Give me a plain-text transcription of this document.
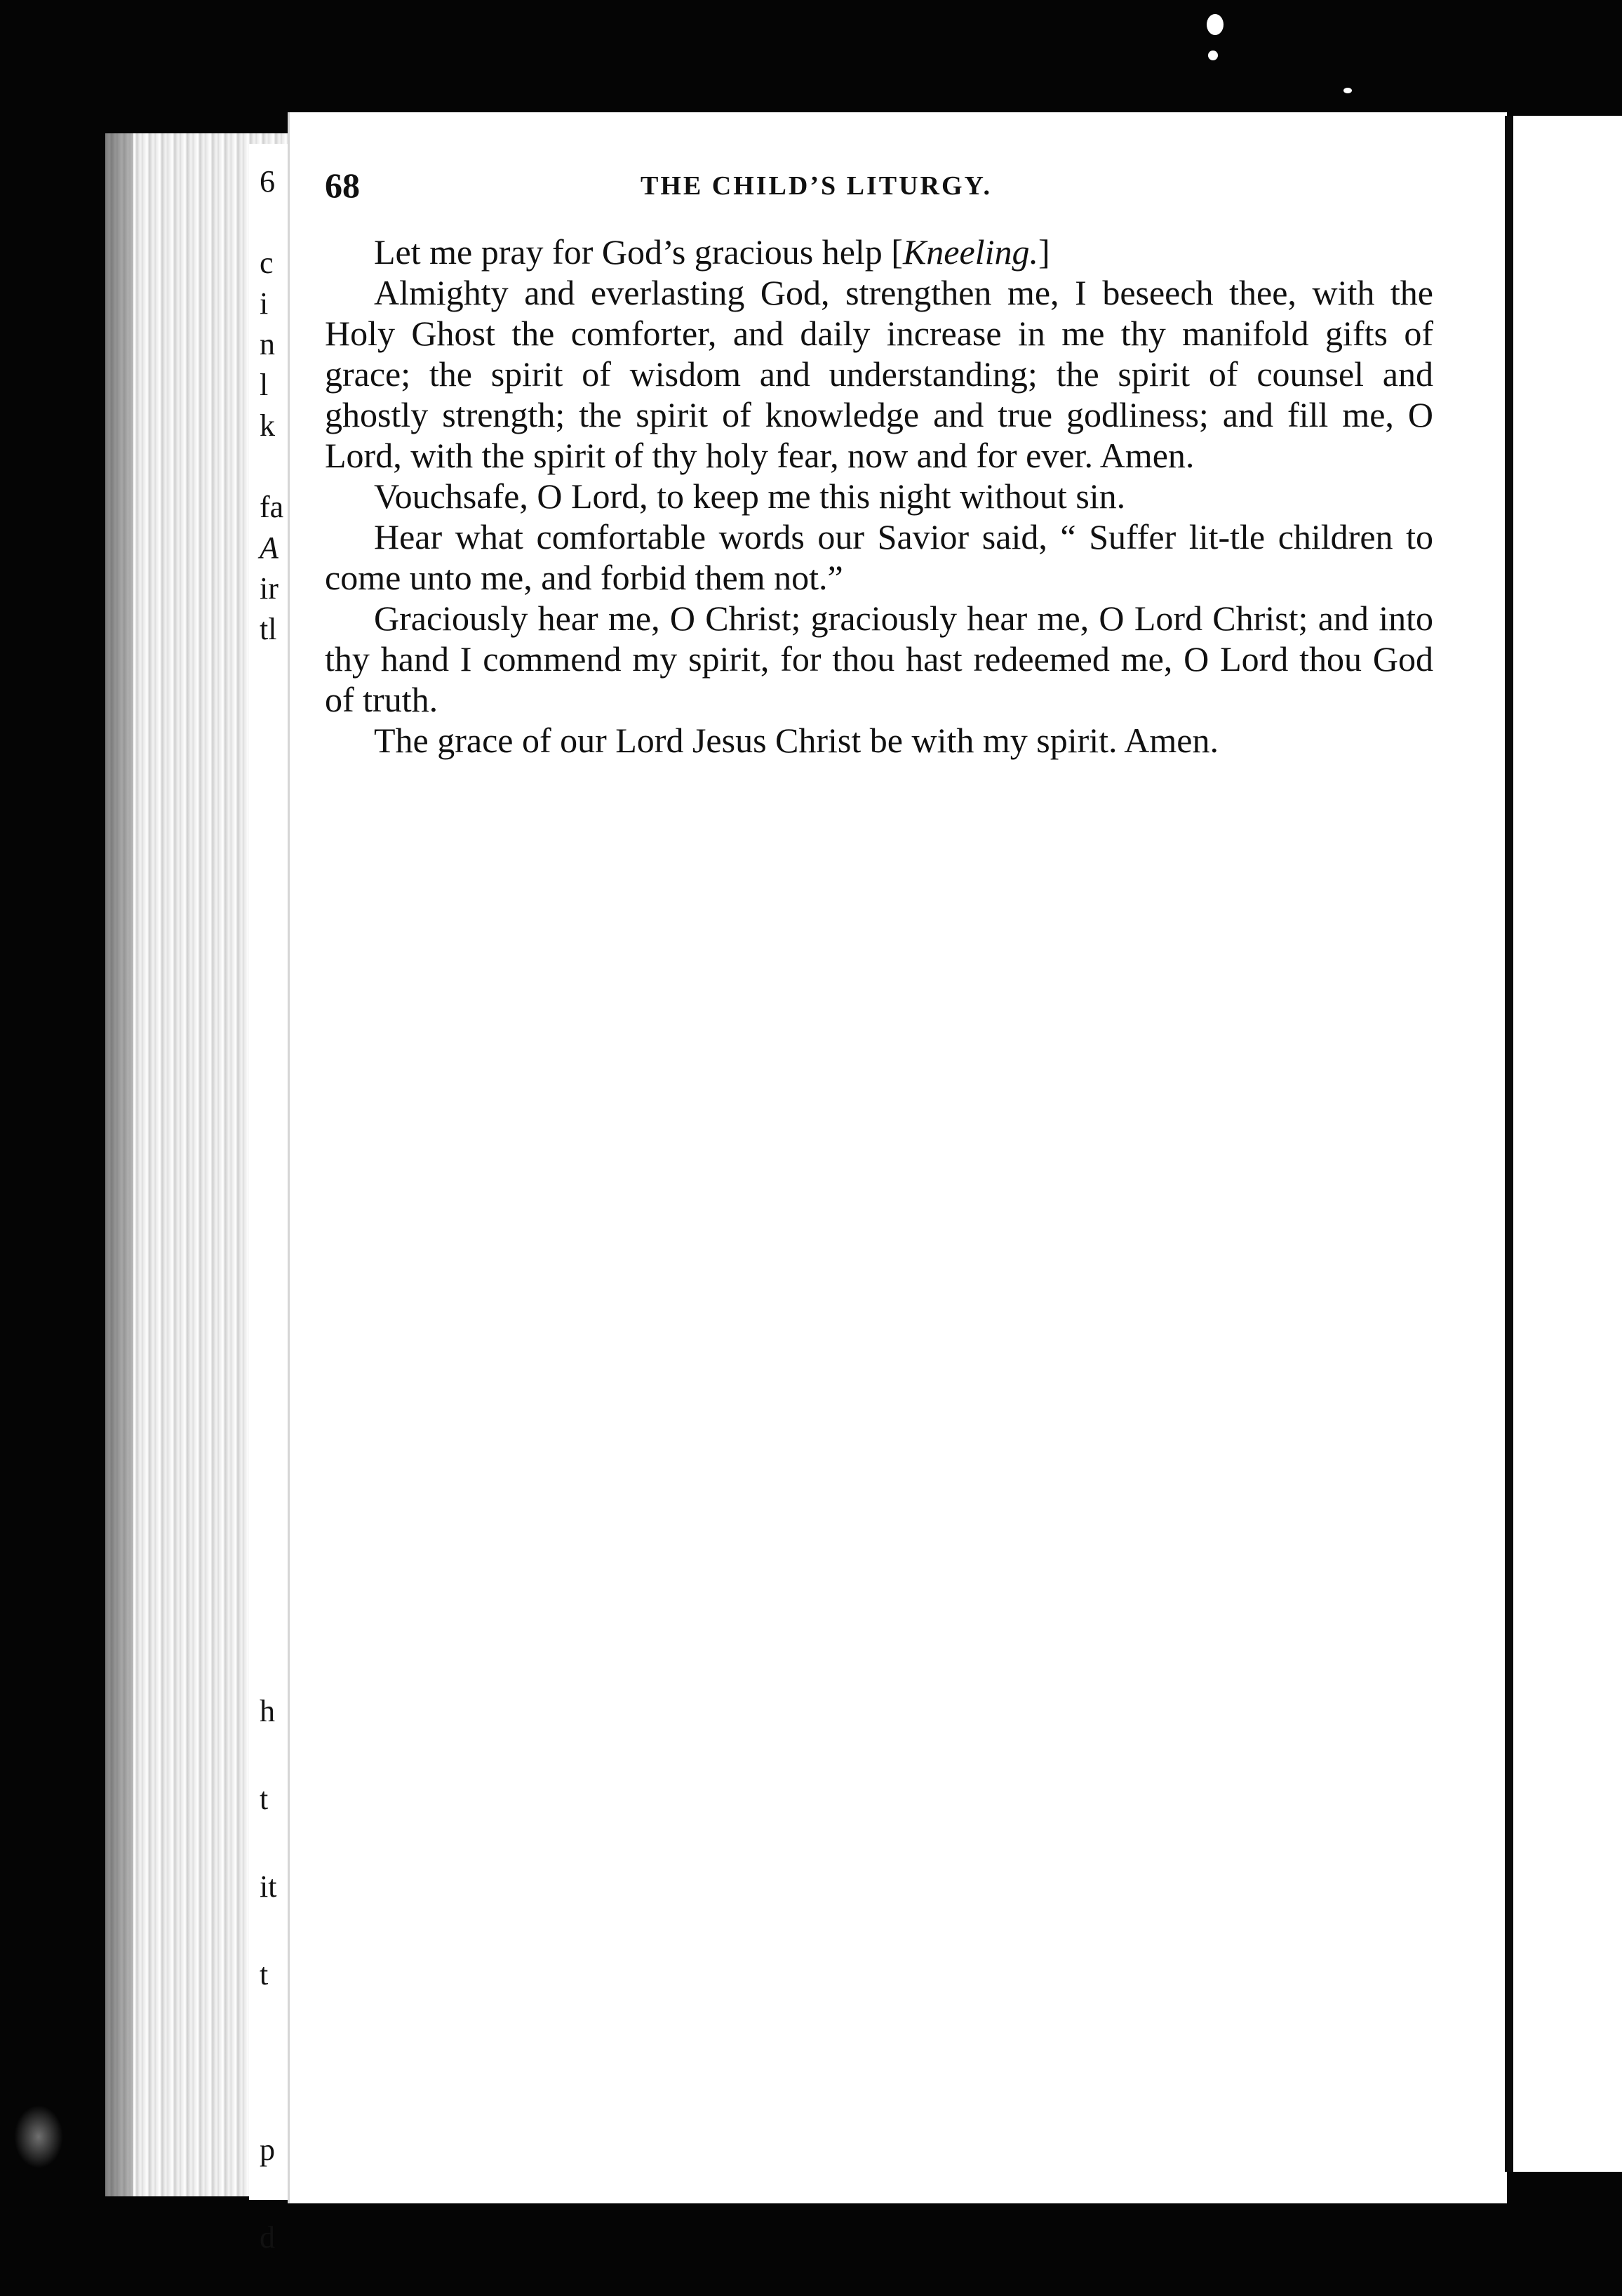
6
c
i
n
l
k
fa
A
ir
tl
h
t
it
t
p
d
68	THE CHILD’S LITURGY.

Let me pray for God’s gracious help [Kneeling.]

Almighty and everlasting God, strengthen me, I beseech thee, with the Holy Ghost the comforter, and daily increase in me thy manifold gifts of grace; the spirit of wisdom and understanding; the spirit of counsel and ghostly strength; the spirit of knowledge and true godliness; and fill me, O Lord, with the spirit of thy holy fear, now and for ever. Amen.

Vouchsafe, O Lord, to keep me this night without sin.

Hear what comfortable words our Savior said, “ Suffer lit-tle children to come unto me, and forbid them not.”

Graciously hear me, O Christ; graciously hear me, O Lord Christ; and into thy hand I commend my spirit, for thou hast redeemed me, O Lord thou God of truth.

The grace of our Lord Jesus Christ be with my spirit. Amen.
